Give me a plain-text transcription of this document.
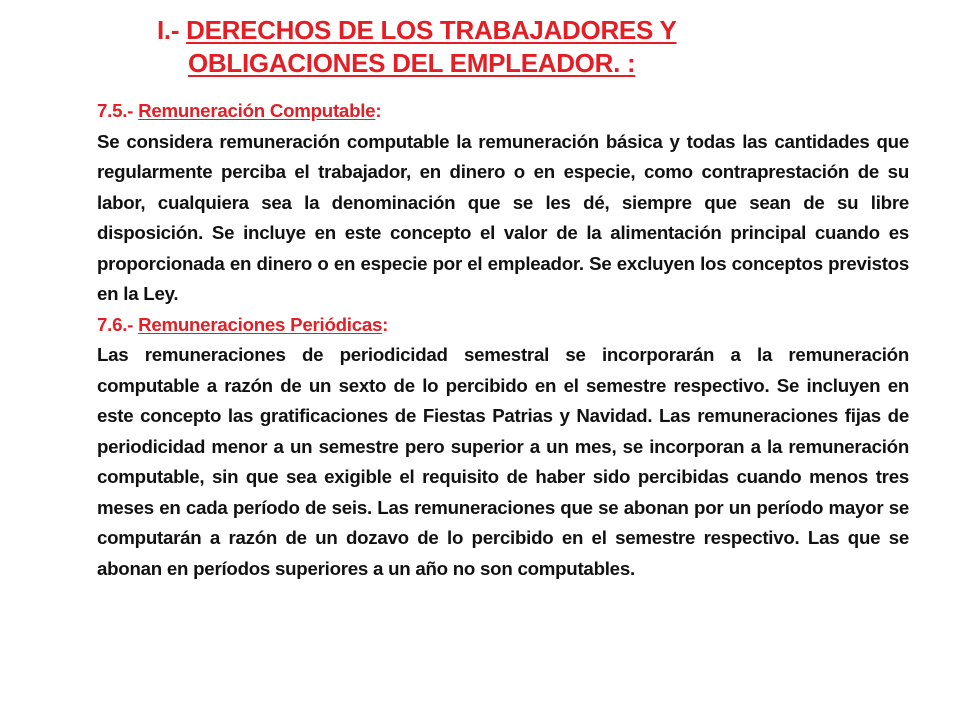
I.- DERECHOS DE LOS TRABAJADORES Y
OBLIGACIONES DEL EMPLEADOR. :

7.5.- Remuneración Computable:

Se considera remuneración computable la remuneración básica y todas las cantidades que regularmente perciba el trabajador, en dinero o en especie, como contraprestación de su labor, cualquiera sea la denominación que se les dé, siempre que sean de su libre disposición. Se incluye en este concepto el valor de la alimentación principal cuando es proporcionada en dinero o en especie por el empleador. Se excluyen los conceptos previstos en la Ley.

7.6.- Remuneraciones Periódicas:

Las remuneraciones de periodicidad semestral se incorporarán a la remuneración computable a razón de un sexto de lo percibido en el semestre respectivo. Se incluyen en este concepto las gratificaciones de Fiestas Patrias y Navidad. Las remuneraciones fijas de periodicidad menor a un semestre pero superior a un mes, se incorporan a la remuneración computable, sin que sea exigible el requisito de haber sido percibidas cuando menos tres meses en cada período de seis. Las remuneraciones que se abonan por un período mayor se computarán a razón de un dozavo de lo percibido en el semestre respectivo. Las que se abonan en períodos superiores a un año no son computables.
